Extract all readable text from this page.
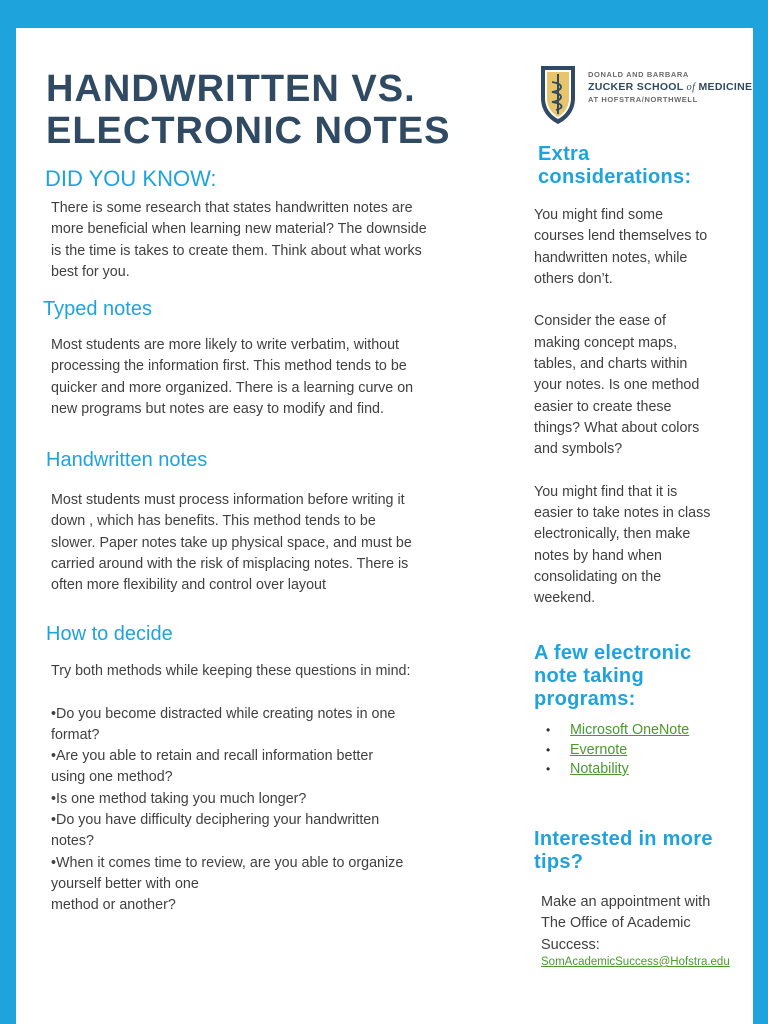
HANDWRITTEN VS.
ELECTRONIC NOTES
DONALD AND BARBARA
ZUCKER SCHOOL of MEDICINE
AT HOFSTRA/NORTHWELL
DID YOU KNOW:

There is some research that states handwritten notes are
more beneficial when learning new material? The downside
is the time is takes to create them. Think about what works
best for you.

Typed notes

Most students are more likely to write verbatim, without
processing the information first. This method tends to be
quicker and more organized. There is a learning curve on
new programs but notes are easy to modify and find.

Handwritten notes

Most students must process information before writing it
down , which has benefits. This method tends to be
slower. Paper notes take up physical space, and must be
carried around with the risk of misplacing notes. There is
often more flexibility and control over layout

How to decide

Try both methods while keeping these questions in mind:

•Do you become distracted while creating notes in one
format?
•Are you able to retain and recall information better
using one method?
•Is one method taking you much longer?
•Do you have difficulty deciphering your handwritten
notes?
•When it comes time to review, are you able to organize
yourself better with one
method or another?

Extra
considerations:

You might find some
courses lend themselves to
handwritten notes, while
others don’t.

Consider the ease of
making concept maps,
tables, and charts within
your notes. Is one method
easier to create these
things? What about colors
and symbols?

You might find that it is
easier to take notes in class
electronically, then make
notes by hand when
consolidating on the
weekend.

A few electronic
note taking
programs:
• Microsoft OneNote
• Evernote
• Notability
Interested in more
tips?

Make an appointment with
The Office of Academic
Success:

SomAcademicSuccess@Hofstra.edu
